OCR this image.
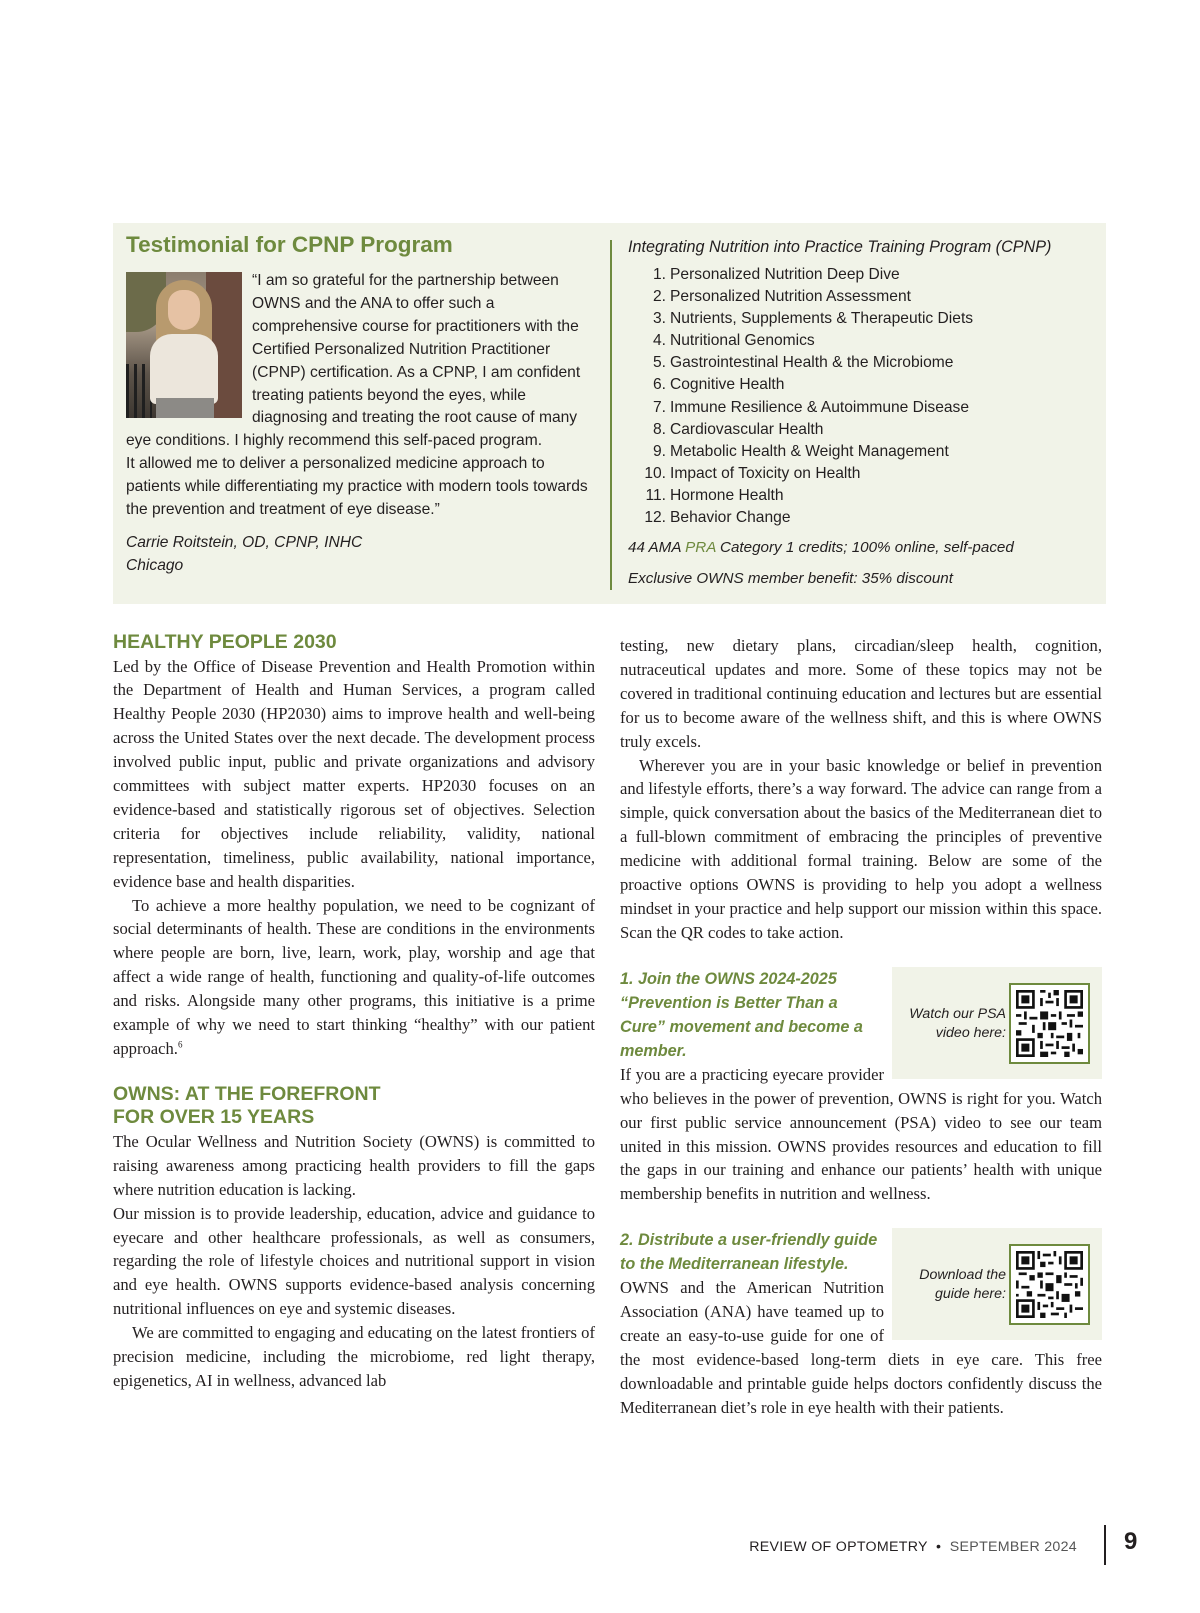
Testimonial for CPNP Program

“I am so grateful for the partnership between OWNS and the ANA to offer such a comprehensive course for practitioners with the Certified Personalized Nutrition Practitioner (CPNP) certification. As a CPNP, I am confident treating patients beyond the eyes, while diagnosing and treating the root cause of many eye conditions. I highly recommend this self-paced program.

It allowed me to deliver a personalized medicine approach to patients while differentiating my practice with modern tools towards the prevention and treatment of eye disease.”

Carrie Roitstein, OD, CPNP, INHC
Chicago
Integrating Nutrition into Practice Training Program (CPNP)
1. Personalized Nutrition Deep Dive
2. Personalized Nutrition Assessment
3. Nutrients, Supplements & Therapeutic Diets
4. Nutritional Genomics
5. Gastrointestinal Health & the Microbiome
6. Cognitive Health
7. Immune Resilience & Autoimmune Disease
8. Cardiovascular Health
9. Metabolic Health & Weight Management
10. Impact of Toxicity on Health
11. Hormone Health
12. Behavior Change
44 AMA PRA Category 1 credits; 100% online, self-paced
Exclusive OWNS member benefit: 35% discount
HEALTHY PEOPLE 2030

Led by the Office of Disease Prevention and Health Promotion within the Department of Health and Human Services, a program called Healthy People 2030 (HP2030) aims to improve health and well-being across the United States over the next decade. The development process involved public input, public and private organizations and advisory committees with subject matter experts. HP2030 focuses on an evidence-based and statistically rigorous set of objectives. Selection criteria for objectives include reliability, validity, national representation, timeliness, public availability, national importance, evidence base and health disparities.

To achieve a more healthy population, we need to be cognizant of social determinants of health. These are conditions in the environments where people are born, live, learn, work, play, worship and age that affect a wide range of health, functioning and quality-of-life outcomes and risks. Alongside many other programs, this initiative is a prime example of why we need to start thinking “healthy” with our patient approach.$^6$

OWNS: AT THE FOREFRONT
FOR OVER 15 YEARS

The Ocular Wellness and Nutrition Society (OWNS) is committed to raising awareness among practicing health providers to fill the gaps where nutrition education is lacking.

Our mission is to provide leadership, education, advice and guidance to eyecare and other healthcare professionals, as well as consumers, regarding the role of lifestyle choices and nutritional support in vision and eye health. OWNS supports evidence-based analysis concerning nutritional influences on eye and systemic diseases.

We are committed to engaging and educating on the latest frontiers of precision medicine, including the microbiome, red light therapy, epigenetics, AI in wellness, advanced lab

testing, new dietary plans, circadian/sleep health, cognition, nutraceutical updates and more. Some of these topics may not be covered in traditional continuing education and lectures but are essential for us to become aware of the wellness shift, and this is where OWNS truly excels.

Wherever you are in your basic knowledge or belief in prevention and lifestyle efforts, there’s a way forward. The advice can range from a simple, quick conversation about the basics of the Mediterranean diet to a full-blown commitment of embracing the principles of preventive medicine with additional formal training. Below are some of the proactive options OWNS is providing to help you adopt a wellness mindset in your practice and help support our mission within this space. Scan the QR codes to take action.

Watch our PSA video here:
1. Join the OWNS 2024-2025 “Prevention is Better Than a Cure” movement and become a member.

If you are a practicing eyecare provider who believes in the power of prevention, OWNS is right for you. Watch our first public service announcement (PSA) video to see our team united in this mission. OWNS provides resources and education to fill the gaps in our training and enhance our patients’ health with unique membership benefits in nutrition and wellness.

Download the guide here:
2. Distribute a user-friendly guide to the Mediterranean lifestyle.

OWNS and the American Nutrition Association (ANA) have teamed up to create an easy-to-use guide for one of the most evidence-based long-term diets in eye care. This free downloadable and printable guide helps doctors confidently discuss the Mediterranean diet’s role in eye health with their patients.

REVIEW OF OPTOMETRY • SEPTEMBER 2024 9
